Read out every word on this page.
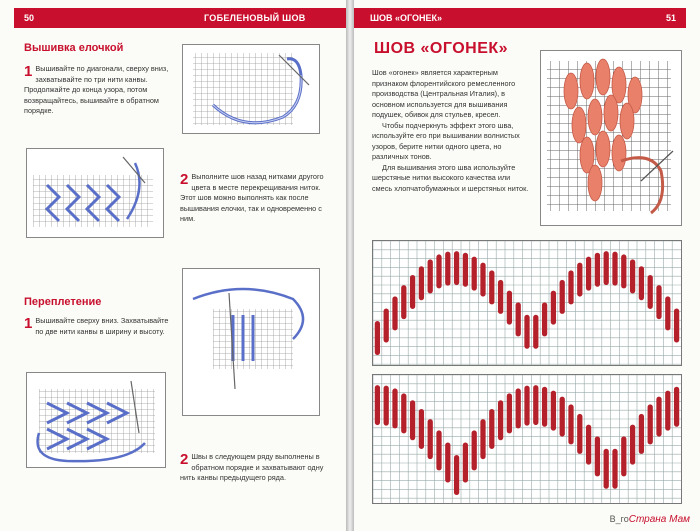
50	ГОБЕЛЕНОВЫЙ ШОВ
Вышивка елочкой
1 Вышивайте по диагонали, сверху вниз, захватывайте по три нити канвы. Продолжайте до конца узора, потом возвращайтесь, вышивайте в обратном порядке.
2 Выполните шов назад нитками другого цвета в месте перекрещивания ниток. Этот шов можно выполнять как после вышивания елочки, так и одновременно с ним.
Переплетение
1 Вышивайте сверху вниз. Захватывайте по две нити канвы в ширину и высоту.
2 Швы в следующем ряду выполнены в обратном порядке и захватывают одну нить канвы предыдущего ряда.
ШОВ «ОГОНЕК»	51
ШОВ «ОГОНЕК»

Шов «огонек» является характерным признаком флорентийского ремесленного производства (Центральная Италия), в основном используется для вышивания подушек, обивок для стульев, кресел.

Чтобы подчеркнуть эффект этого шва, используйте его при вышивании волнистых узоров, берите нитки одного цвета, но различных тонов.

Для вышивания этого шва используйте шерстяные нитки высокого качества или смесь хлопчатобумажных и шерстяных ниток.

В_гоСтрана Мам
